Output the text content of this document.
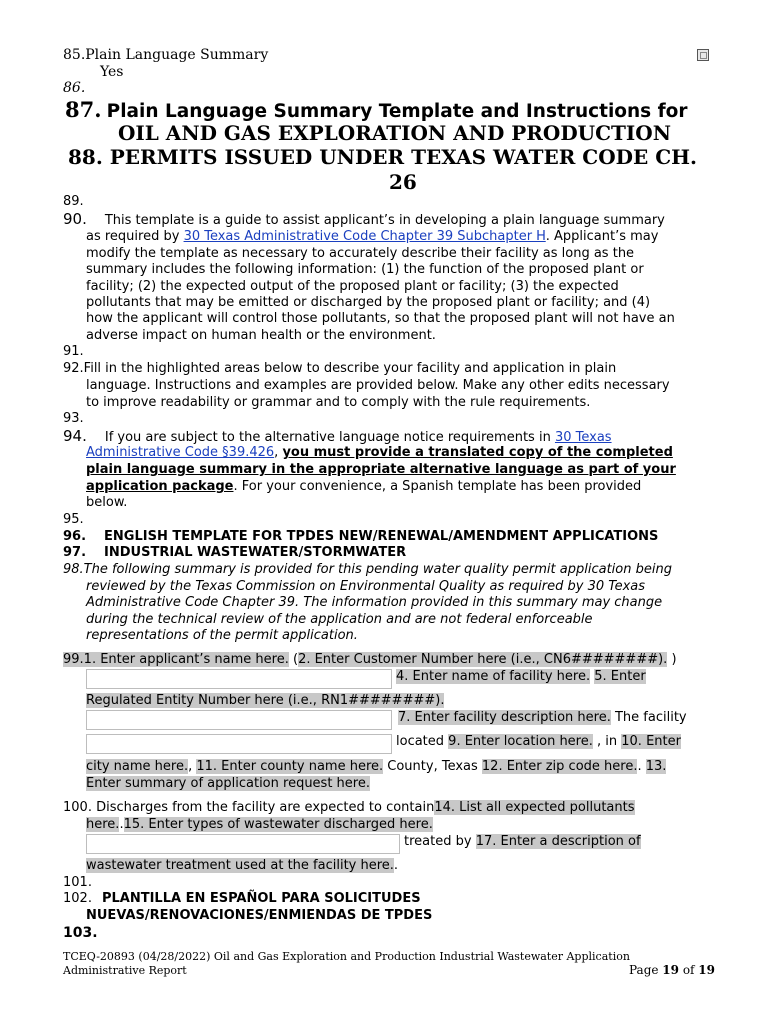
85.Plain Language Summary
Yes
86.
87. Plain Language Summary Template and Instructions for
OIL AND GAS EXPLORATION AND PRODUCTION
88. PERMITS ISSUED UNDER TEXAS WATER CODE CH.
26
89.
90. This template is a guide to assist applicant’s in developing a plain language summary
as required by 30 Texas Administrative Code Chapter 39 Subchapter H. Applicant’s may
modify the template as necessary to accurately describe their facility as long as the
summary includes the following information: (1) the function of the proposed plant or
facility; (2) the expected output of the proposed plant or facility; (3) the expected
pollutants that may be emitted or discharged by the proposed plant or facility; and (4)
how the applicant will control those pollutants, so that the proposed plant will not have an
adverse impact on human health or the environment.
91.
92.Fill in the highlighted areas below to describe your facility and application in plain
language. Instructions and examples are provided below. Make any other edits necessary
to improve readability or grammar and to comply with the rule requirements.
93.
94. If you are subject to the alternative language notice requirements in 30 Texas
Administrative Code §39.426, you must provide a translated copy of the completed
plain language summary in the appropriate alternative language as part of your
application package. For your convenience, a Spanish template has been provided
below.
95.
96. ENGLISH TEMPLATE FOR TPDES NEW/RENEWAL/AMENDMENT APPLICATIONS
97. INDUSTRIAL WASTEWATER/STORMWATER
98.The following summary is provided for this pending water quality permit application being
reviewed by the Texas Commission on Environmental Quality as required by 30 Texas
Administrative Code Chapter 39. The information provided in this summary may change
during the technical review of the application and are not federal enforceable
representations of the permit application.
99.1. Enter applicant’s name here. (2. Enter Customer Number here (i.e., CN6########). )
4. Enter name of facility here. 5. Enter
Regulated Entity Number here (i.e., RN1########).
7. Enter facility description here. The facility
located 9. Enter location here. , in 10. Enter
city name here., 11. Enter county name here. County, Texas 12. Enter zip code here.. 13.
Enter summary of application request here.
100. Discharges from the facility are expected to contain14. List all expected pollutants
here..15. Enter types of wastewater discharged here.
treated by 17. Enter a description of
wastewater treatment used at the facility here..
101.
102. PLANTILLA EN ESPAÑOL PARA SOLICITUDES
NUEVAS/RENOVACIONES/ENMIENDAS DE TPDES
103.
TCEQ-20893 (04/28/2022) Oil and Gas Exploration and Production Industrial Wastewater Application
Administrative Report	Page 19 of 19
